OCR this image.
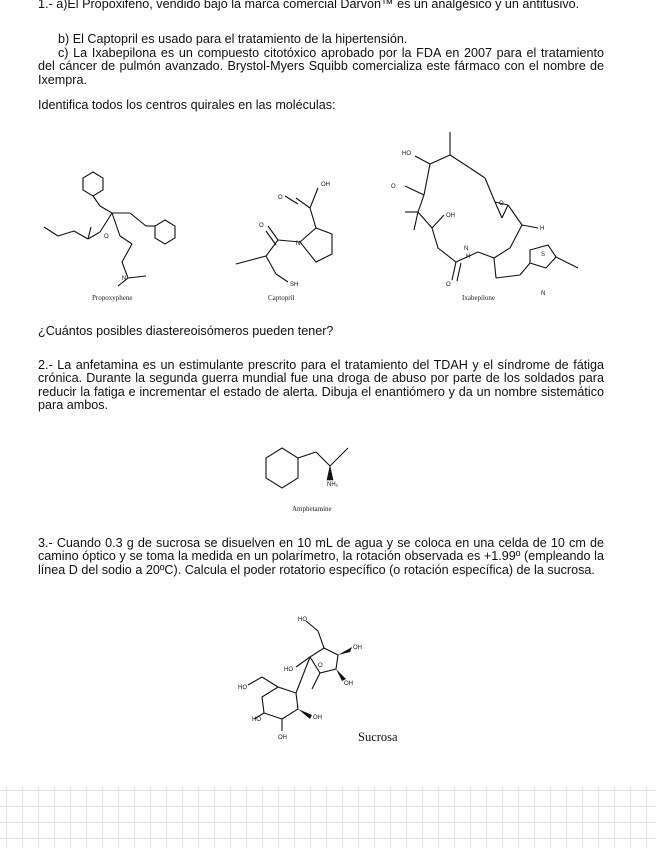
1.- a)El Propoxifeno, vendido bajo la marca comercial Darvon™ es un analgésico y un antitusivo.
b) El Captopril es usado para el tratamiento de la hipertensión.
c) La Ixabepilona es un compuesto citotóxico aprobado por la FDA en 2007 para el tratamiento del cáncer de pulmón avanzado. Brystol-Myers Squibb comercializa este fármaco con el nombre de Ixempra.
Identifica todos los centros quirales en las moléculas:
O
N
OH
O
O
N
SH
HO
O
OH
O
H
O
N
H	S
N
Propoxyphene	Captopril	Ixabepilone
¿Cuántos posibles diastereoisómeros pueden tener?
2.- La anfetamina es un estimulante prescrito para el tratamiento del TDAH y el síndrome de fátiga crónica. Durante la segunda guerra mundial fue una droga de abuso por parte de los soldados para reducir la fatiga e incrementar el estado de alerta. Dibuja el enantiómero y da un nombre sistemático para ambos.
NH₂
Amphetamine
3.- Cuando 0.3 g de sucrosa se disuelven en 10 mL de agua y se coloca en una celda de 10 cm de camino óptico y se toma la medida en un polarímetro, la rotación observada es +1.99º (empleando la línea D del sodio a 20ºC). Calcula el poder rotatorio específico (o rotación específica) de la sucrosa.
HO
OH
OH
HO
HO
HO	OH
OH
O
Sucrosa
